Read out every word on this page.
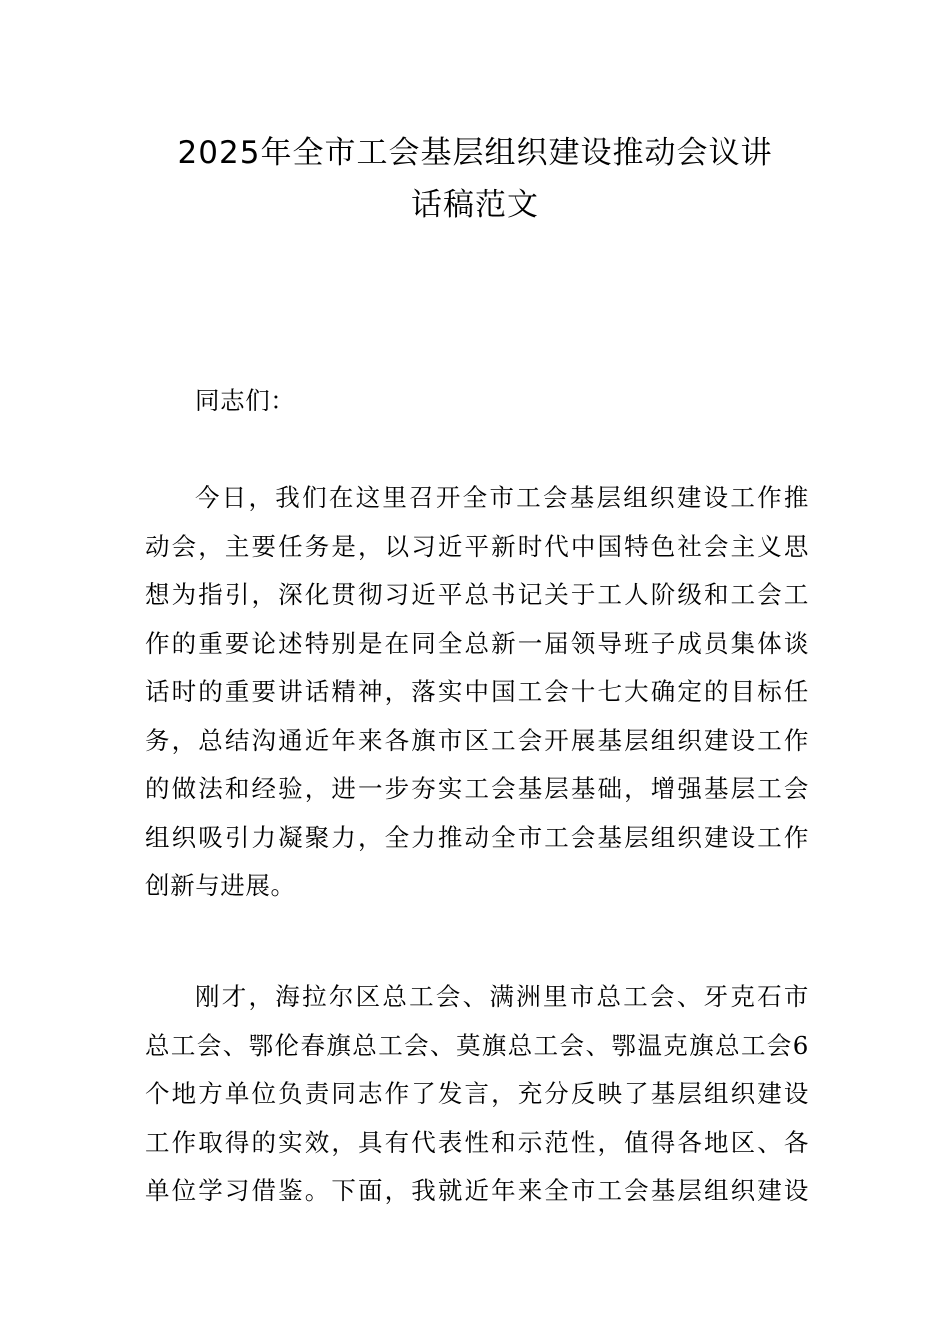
2025年全市工会基层组织建设推动会议讲
话稿范文

同志们：

今日，我们在这里召开全市工会基层组织建设工作推
动会，主要任务是，以习近平新时代中国特色社会主义思
想为指引，深化贯彻习近平总书记关于工人阶级和工会工
作的重要论述特别是在同全总新一届领导班子成员集体谈
话时的重要讲话精神，落实中国工会十七大确定的目标任
务，总结沟通近年来各旗市区工会开展基层组织建设工作
的做法和经验，进一步夯实工会基层基础，增强基层工会
组织吸引力凝聚力，全力推动全市工会基层组织建设工作
创新与进展。

刚才，海拉尔区总工会、满洲里市总工会、牙克石市
总工会、鄂伦春旗总工会、莫旗总工会、鄂温克旗总工会6
个地方单位负责同志作了发言，充分反映了基层组织建设
工作取得的实效，具有代表性和示范性，值得各地区、各
单位学习借鉴。下面，我就近年来全市工会基层组织建设
